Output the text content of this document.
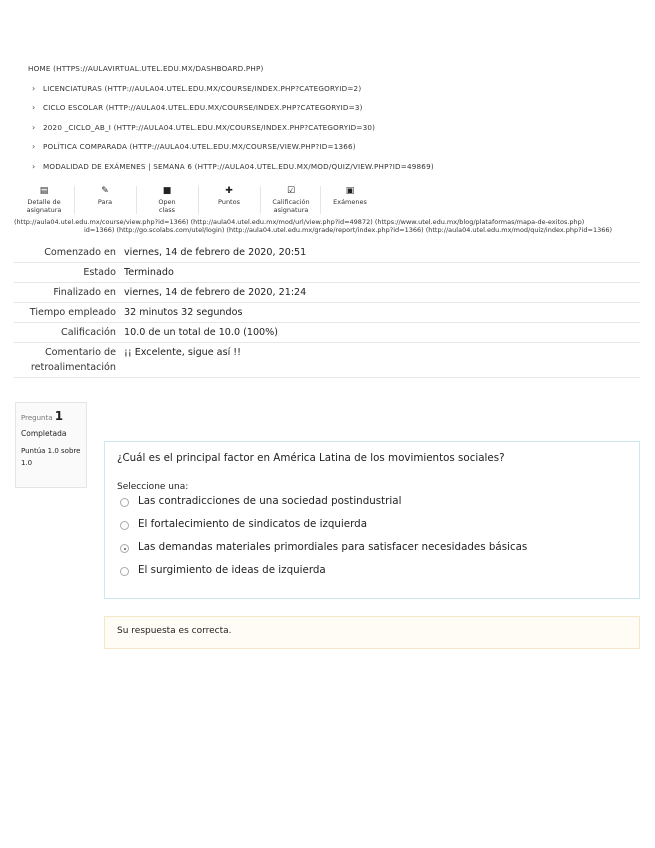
HOME (HTTPS://AULAVIRTUAL.UTEL.EDU.MX/DASHBOARD.PHP)
› LICENCIATURAS (HTTP://AULA04.UTEL.EDU.MX/COURSE/INDEX.PHP?CATEGORYID=2)
› CICLO ESCOLAR (HTTP://AULA04.UTEL.EDU.MX/COURSE/INDEX.PHP?CATEGORYID=3)
› 2020 _CICLO_AB_I (HTTP://AULA04.UTEL.EDU.MX/COURSE/INDEX.PHP?CATEGORYID=30)
› POLÍTICA COMPARADA (HTTP://AULA04.UTEL.EDU.MX/COURSE/VIEW.PHP?ID=1366)
› MODALIDAD DE EXÁMENES | SEMANA 6 (HTTP://AULA04.UTEL.EDU.MX/MOD/QUIZ/VIEW.PHP?ID=49869)
▤
Detalle de
asignatura
✎
Para
■
Open
class
✚
Puntos
☑
Calificación
asignatura
▣
Exámenes
(http://aula04.utel.edu.mx/course/view.php?id=1366) (http://aula04.utel.edu.mx/mod/url/view.php?id=49872) (https://www.utel.edu.mx/blog/plataformas/mapa-de-exitos.php)
id=1366) (http://go.scolabs.com/utel/login) (http://aula04.utel.edu.mx/grade/report/index.php?id=1366) (http://aula04.utel.edu.mx/mod/quiz/index.php?id=1366)
Comenzado en	viernes, 14 de febrero de 2020, 20:51
Estado	Terminado
Finalizado en	viernes, 14 de febrero de 2020, 21:24
Tiempo empleado	32 minutos 32 segundos
Calificación	10.0 de un total de 10.0 (100%)
Comentario de retroalimentación	¡¡ Excelente, sigue así !!
Pregunta 1
Completada
Puntúa 1.0 sobre 1.0	¿Cuál es el principal factor en América Latina de los movimientos sociales?
Seleccione una:
Las contradicciones de una sociedad postindustrial
El fortalecimiento de sindicatos de izquierda
Las demandas materiales primordiales para satisfacer necesidades básicas
El surgimiento de ideas de izquierda
Su respuesta es correcta.
